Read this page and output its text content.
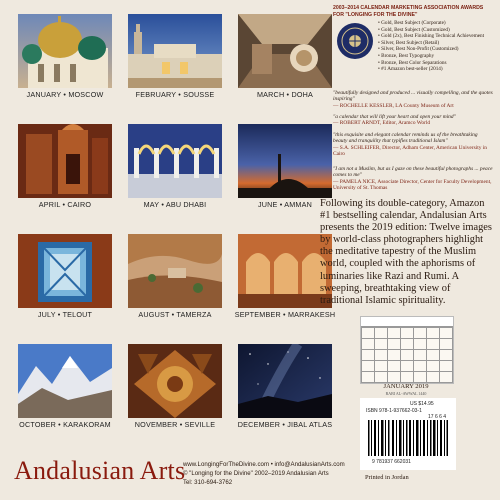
JANUARY • MOSCOW	FEBRUARY • SOUSSE	MARCH • DOHA
APRIL • CAIRO	MAY • ABU DHABI	JUNE • AMMAN
JULY • TELOUT	AUGUST • TAMERZA	SEPTEMBER • MARRAKESH
OCTOBER • KARAKORAM	NOVEMBER • SEVILLE	DECEMBER • JIBAL ATLAS
2003–2014 CALENDAR MARKETING ASSOCIATION AWARDS FOR "LONGING FOR THE DIVINE"
• Gold, Best Subject (Corporate)
• Gold, Best Subject (Customized)
• Gold (2x), Best Finishing Technical Achievement
• Silver, Best Subject (Retail)
• Silver, Best Non-Profit (Customized)
• Bronze, Best Typography
• Bronze, Best Color Separations
• #1 Amazon best-seller (2014)
"beautifully designed and produced ... visually compelling, and the quotes inspiring"
— ROCHELLE KESSLER, LA County Museum of Art
"a calendar that will lift your heart and open your mind"
— ROBERT ARNDT, Editor, Aramco World
"this exquisite and elegant calendar reminds us of the breathtaking beauty and tranquility that typifies traditional Islam"
— S.A. SCHLEIFER, Director, Adham Center, American University in Cairo
"I am not a Muslim, but as I gaze on these beautiful photographs ... peace comes to me"
— PAMELA NICE, Associate Director, Center for Faculty Development, University of St. Thomas
Following its double-category, Amazon #1 bestselling calendar, Andalusian Arts presents the 2019 edition: Twelve images by world-class photographers highlight the meditative tapestry of the Muslim world, coupled with the aphorisms of luminaries like Razi and Rumi. A sweeping, breathtaking view of traditional Islamic spirituality.

JANUARY 2019
RABI AL-AWWAL 1440
US $14.95
ISBN 978-1-937662-03-1
17 6 6 4
9 781937 662031
Printed in Jordan
Andalusian Arts
www.LongingForTheDivine.com • info@AndalusianArts.com
© "Longing for the Divine" 2002–2019 Andalusian Arts
Tel: 310-694-3762
